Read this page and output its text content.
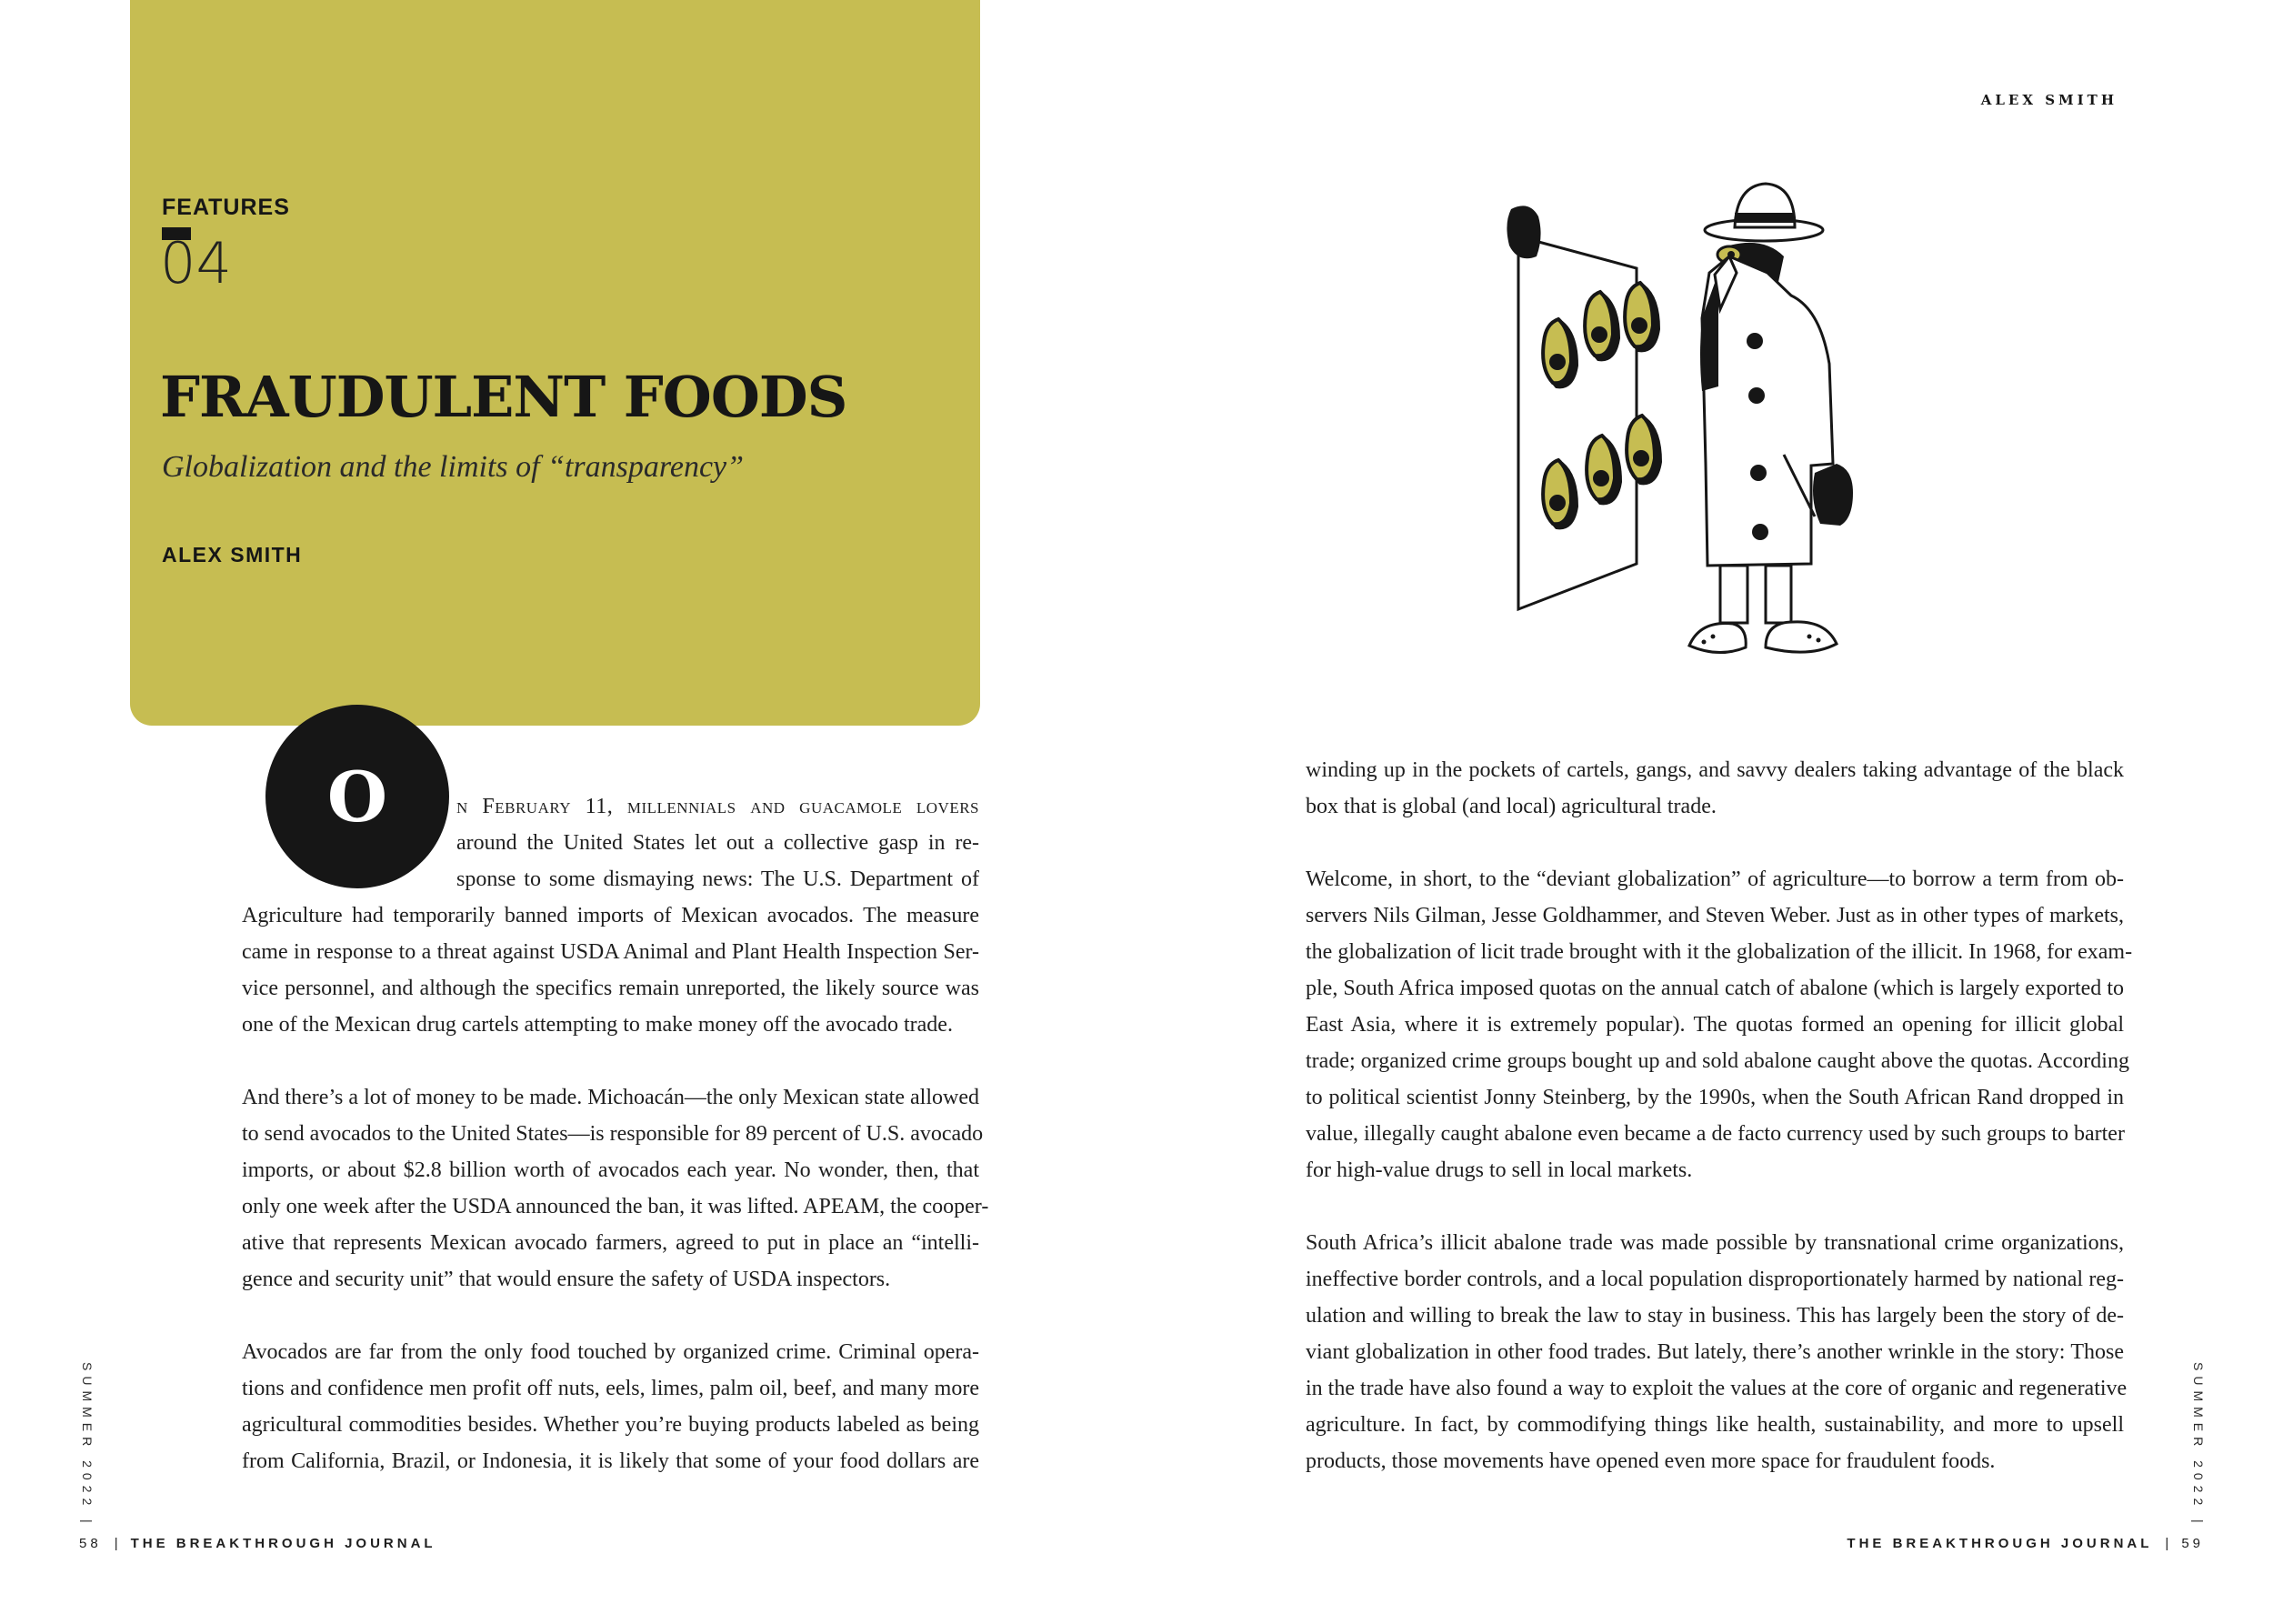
FEATURES
04
FRAUDULENT FOODS
Globalization and the limits of “transparency”
ALEX SMITH
O	n February 11, millennials and guacamole lovers
around the United States let out a collective gasp in re-
sponse to some dismaying news: The U.S. Department of
Agriculture had temporarily banned imports of Mexican avocados. The measure
came in response to a threat against USDA Animal and Plant Health Inspection Ser-
vice personnel, and although the specifics remain unreported, the likely source was
one of the Mexican drug cartels attempting to make money off the avocado trade.
And there’s a lot of money to be made. Michoacán—the only Mexican state allowed
to send avocados to the United States—is responsible for 89 percent of U.S. avocado
imports, or about $2.8 billion worth of avocados each year. No wonder, then, that
only one week after the USDA announced the ban, it was lifted. APEAM, the cooper-
ative that represents Mexican avocado farmers, agreed to put in place an “intelli-
gence and security unit” that would ensure the safety of USDA inspectors.
Avocados are far from the only food touched by organized crime. Criminal opera-
tions and confidence men profit off nuts, eels, limes, palm oil, beef, and many more
agricultural commodities besides. Whether you’re buying products labeled as being
from California, Brazil, or Indonesia, it is likely that some of your food dollars are
ALEX SMITH
winding up in the pockets of cartels, gangs, and savvy dealers taking advantage of the black
box that is global (and local) agricultural trade.
Welcome, in short, to the “deviant globalization” of agriculture—to borrow a term from ob-
servers Nils Gilman, Jesse Goldhammer, and Steven Weber. Just as in other types of markets,
the globalization of licit trade brought with it the globalization of the illicit. In 1968, for exam-
ple, South Africa imposed quotas on the annual catch of abalone (which is largely exported to
East Asia, where it is extremely popular). The quotas formed an opening for illicit global
trade; organized crime groups bought up and sold abalone caught above the quotas. According
to political scientist Jonny Steinberg, by the 1990s, when the South African Rand dropped in
value, illegally caught abalone even became a de facto currency used by such groups to barter
for high-value drugs to sell in local markets.
South Africa’s illicit abalone trade was made possible by transnational crime organizations,
ineffective border controls, and a local population disproportionately harmed by national reg-
ulation and willing to break the law to stay in business. This has largely been the story of de-
viant globalization in other food trades. But lately, there’s another wrinkle in the story: Those
in the trade have also found a way to exploit the values at the core of organic and regenerative
agriculture. In fact, by commodifying things like health, sustainability, and more to upsell
products, those movements have opened even more space for fraudulent foods.
SUMMER 2022|
SUMMER 2022|
58 | THE BREAKTHROUGH JOURNAL	THE BREAKTHROUGH JOURNAL | 59
